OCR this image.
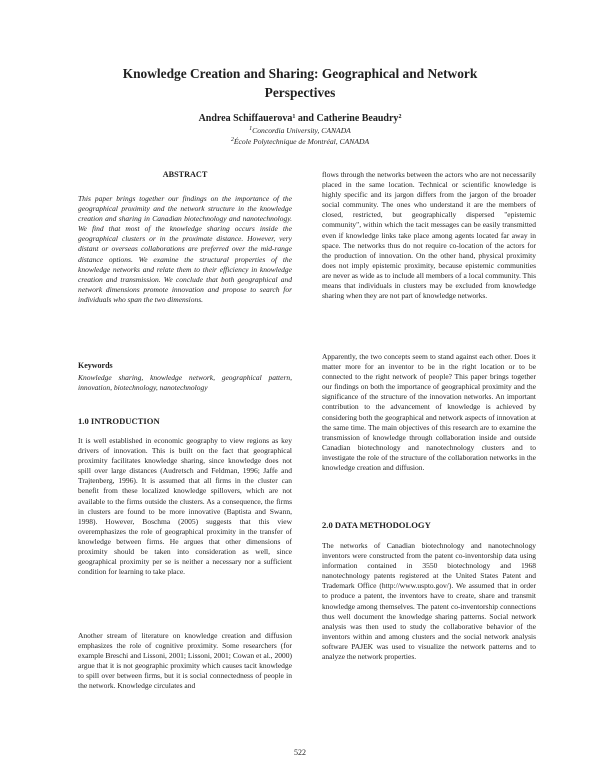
Knowledge Creation and Sharing: Geographical and Network
Perspectives
Andrea Schiffauerova$^1$ and Catherine Beaudry$^2$
$^1$Concordia University, CANADA
$^2$École Polytechnique de Montréal, CANADA
ABSTRACT
This paper brings together our findings on the importance of the geographical proximity and the network structure in the knowledge creation and sharing in Canadian biotechnology and nanotechnology. We find that most of the knowledge sharing occurs inside the geographical clusters or in the proximate distance. However, very distant or overseas collaborations are preferred over the mid-range distance options. We examine the structural properties of the knowledge networks and relate them to their efficiency in knowledge creation and transmission. We conclude that both geographical and network dimensions promote innovation and propose to search for individuals who span the two dimensions.
Keywords
Knowledge sharing, knowledge network, geographical pattern, innovation, biotechnology, nanotechnology
1.0 INTRODUCTION
It is well established in economic geography to view regions as key drivers of innovation. This is built on the fact that geographical proximity facilitates knowledge sharing, since knowledge does not spill over large distances (Audretsch and Feldman, 1996; Jaffe and Trajtenberg, 1996). It is assumed that all firms in the cluster can benefit from these localized knowledge spillovers, which are not available to the firms outside the clusters. As a consequence, the firms in clusters are found to be more innovative (Baptista and Swann, 1998). However, Boschma (2005) suggests that this view overemphasizes the role of geographical proximity in the transfer of knowledge between firms. He argues that other dimensions of proximity should be taken into consideration as well, since geographical proximity per se is neither a necessary nor a sufficient condition for learning to take place.
Another stream of literature on knowledge creation and diffusion emphasizes the role of cognitive proximity. Some researchers (for example Breschi and Lissoni, 2001; Lissoni, 2001; Cowan et al., 2000) argue that it is not geographic proximity which causes tacit knowledge to spill over between firms, but it is social connectedness of people in the network. Knowledge circulates and
flows through the networks between the actors who are not necessarily placed in the same location. Technical or scientific knowledge is highly specific and its jargon differs from the jargon of the broader social community. The ones who understand it are the members of closed, restricted, but geographically dispersed "epistemic community", within which the tacit messages can be easily transmitted even if knowledge links take place among agents located far away in space. The networks thus do not require co-location of the actors for the production of innovation. On the other hand, physical proximity does not imply epistemic proximity, because epistemic communities are never as wide as to include all members of a local community. This means that individuals in clusters may be excluded from knowledge sharing when they are not part of knowledge networks.
Apparently, the two concepts seem to stand against each other. Does it matter more for an inventor to be in the right location or to be connected to the right network of people? This paper brings together our findings on both the importance of geographical proximity and the significance of the structure of the innovation networks. An important contribution to the advancement of knowledge is achieved by considering both the geographical and network aspects of innovation at the same time. The main objectives of this research are to examine the transmission of knowledge through collaboration inside and outside Canadian biotechnology and nanotechnology clusters and to investigate the role of the structure of the collaboration networks in the knowledge creation and diffusion.
2.0 DATA METHODOLOGY
The networks of Canadian biotechnology and nanotechnology inventors were constructed from the patent co-inventorship data using information contained in 3550 biotechnology and 1968 nanotechnology patents registered at the United States Patent and Trademark Office (http://www.uspto.gov/). We assumed that in order to produce a patent, the inventors have to create, share and transmit knowledge among themselves. The patent co-inventorship connections thus well document the knowledge sharing patterns. Social network analysis was then used to study the collaborative behavior of the inventors within and among clusters and the social network analysis software PAJEK was used to visualize the network patterns and to analyze the network properties.
522
